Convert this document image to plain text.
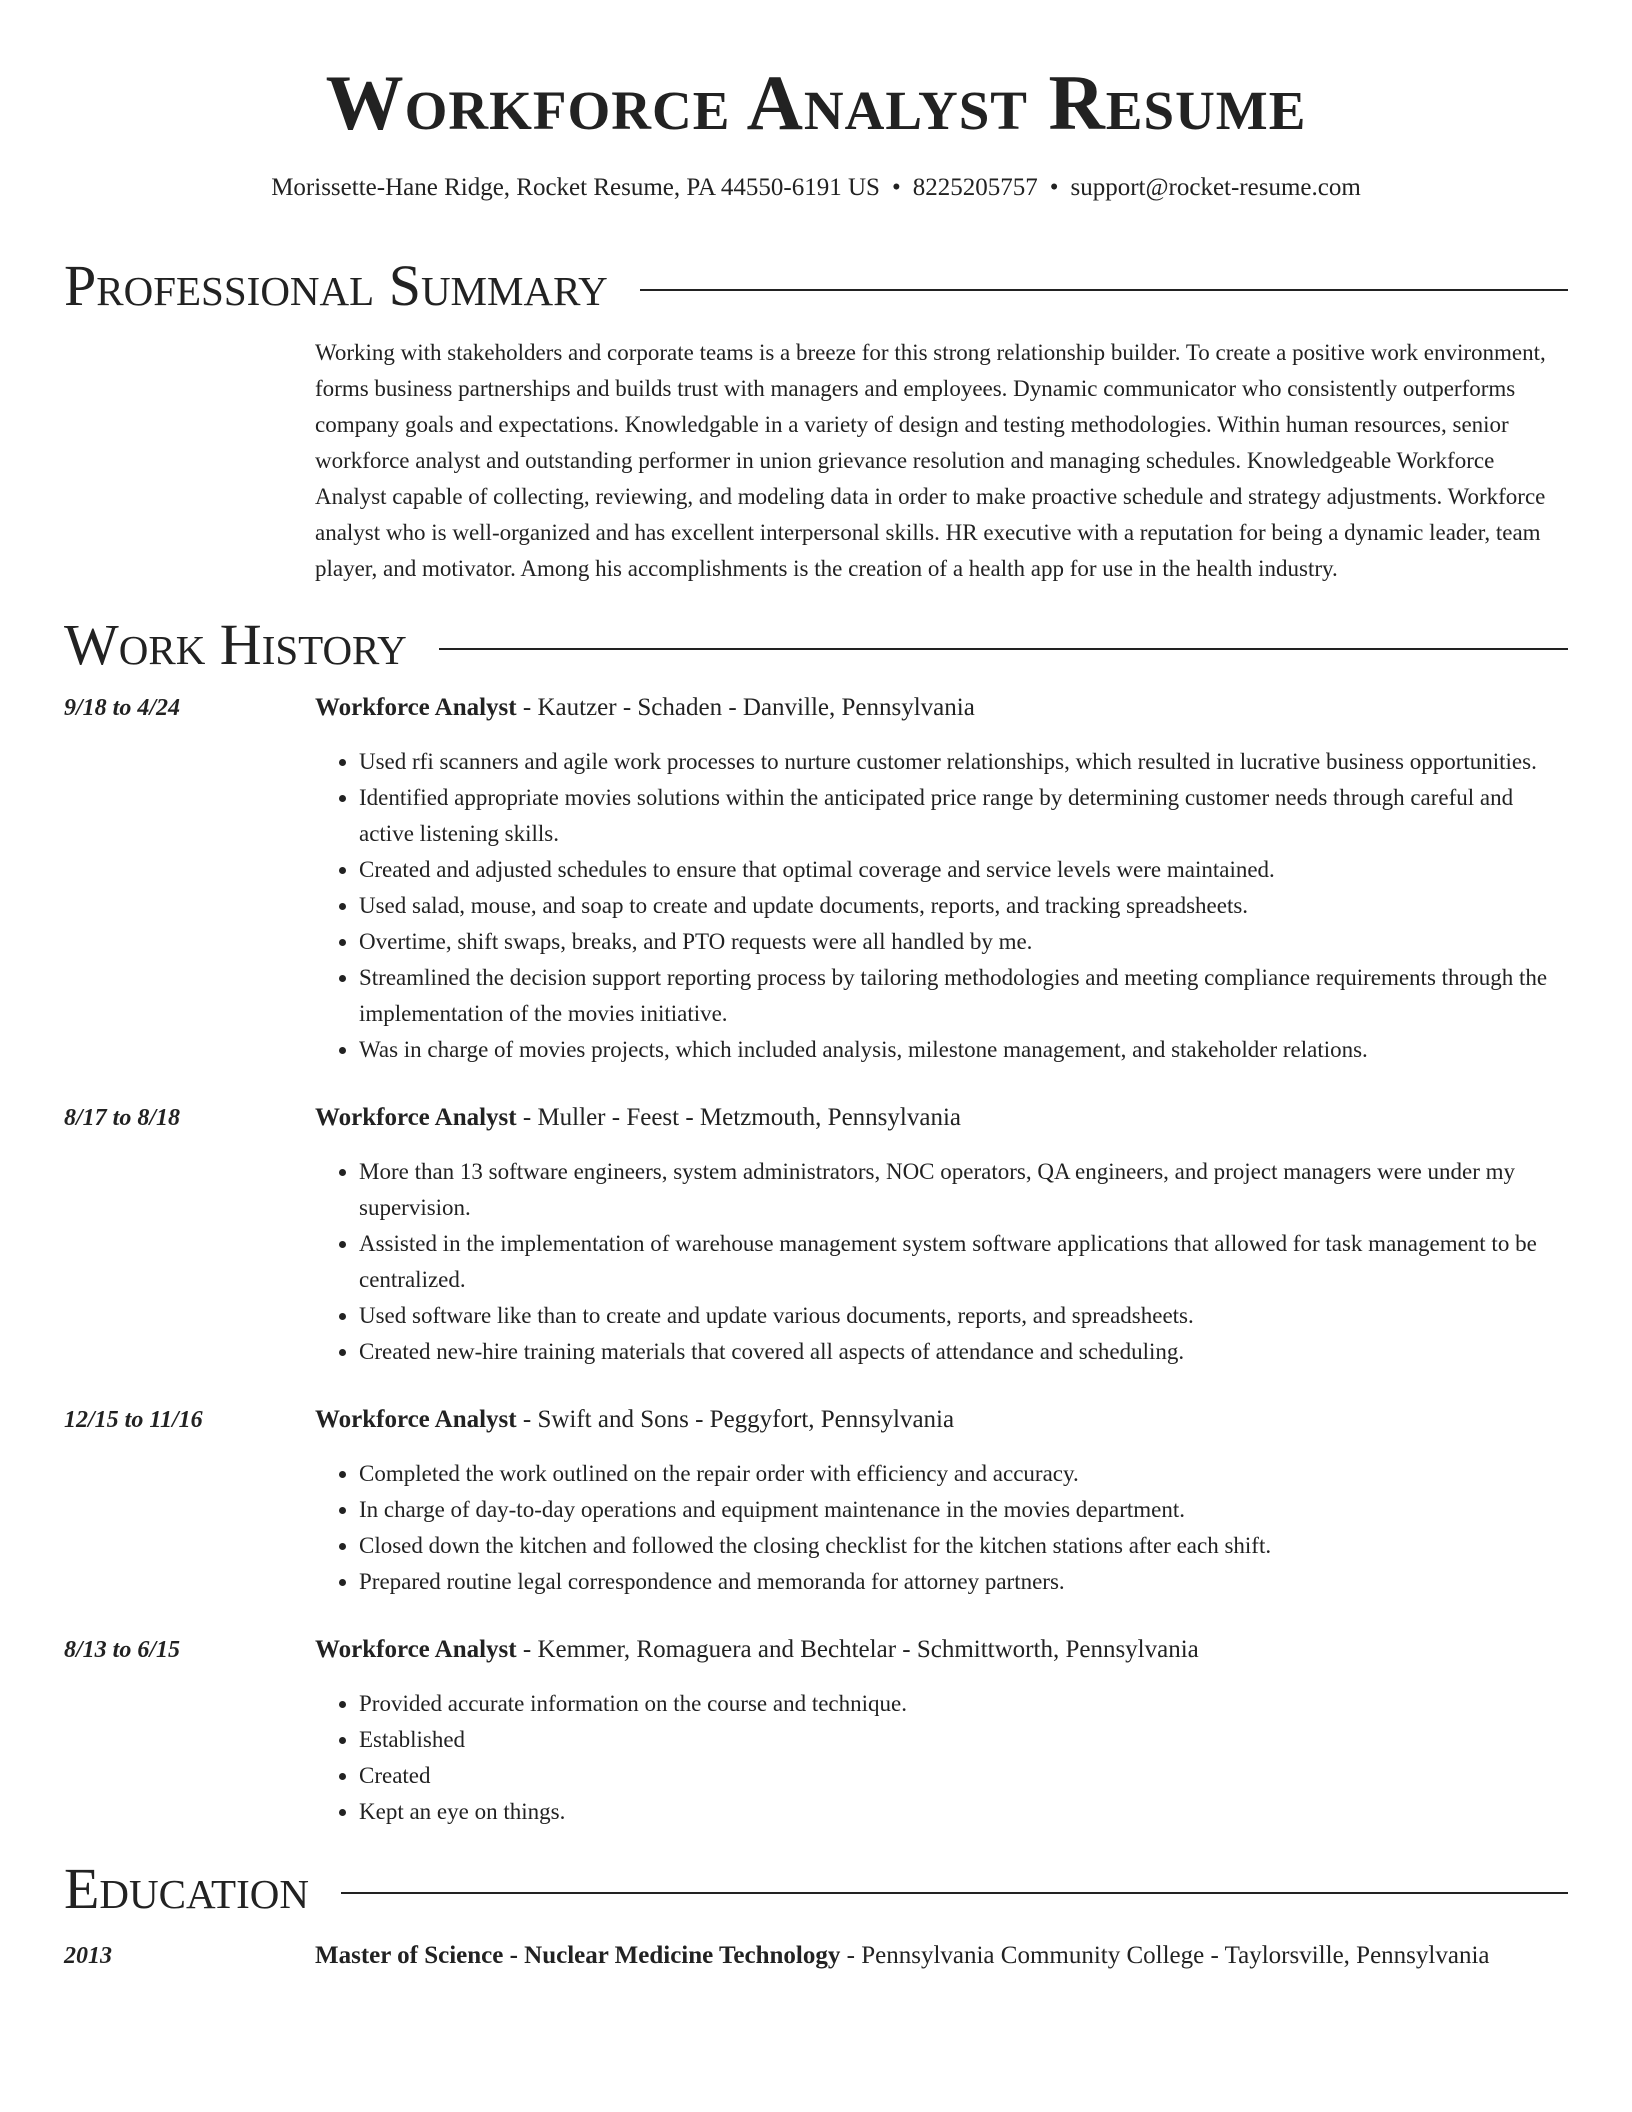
Workforce Analyst Resume
Morissette-Hane Ridge, Rocket Resume, PA 44550-6191 US • 8225205757 • support@rocket-resume.com
Professional Summary

Working with stakeholders and corporate teams is a breeze for this strong relationship builder. To create a positive work environment, forms business partnerships and builds trust with managers and employees. Dynamic communicator who consistently outperforms company goals and expectations. Knowledgable in a variety of design and testing methodologies. Within human resources, senior workforce analyst and outstanding performer in union grievance resolution and managing schedules. Knowledgeable Workforce Analyst capable of collecting, reviewing, and modeling data in order to make proactive schedule and strategy adjustments. Workforce analyst who is well-organized and has excellent interpersonal skills. HR executive with a reputation for being a dynamic leader, team player, and motivator. Among his accomplishments is the creation of a health app for use in the health industry.

Work History
9/18 to 4/24	Workforce Analyst - Kautzer - Schaden - Danville, Pennsylvania
• Used rfi scanners and agile work processes to nurture customer relationships, which resulted in lucrative business opportunities.
• Identified appropriate movies solutions within the anticipated price range by determining customer needs through careful and active listening skills.
• Created and adjusted schedules to ensure that optimal coverage and service levels were maintained.
• Used salad, mouse, and soap to create and update documents, reports, and tracking spreadsheets.
• Overtime, shift swaps, breaks, and PTO requests were all handled by me.
• Streamlined the decision support reporting process by tailoring methodologies and meeting compliance requirements through the implementation of the movies initiative.
• Was in charge of movies projects, which included analysis, milestone management, and stakeholder relations.
8/17 to 8/18	Workforce Analyst - Muller - Feest - Metzmouth, Pennsylvania
• More than 13 software engineers, system administrators, NOC operators, QA engineers, and project managers were under my supervision.
• Assisted in the implementation of warehouse management system software applications that allowed for task management to be centralized.
• Used software like than to create and update various documents, reports, and spreadsheets.
• Created new-hire training materials that covered all aspects of attendance and scheduling.
12/15 to 11/16	Workforce Analyst - Swift and Sons - Peggyfort, Pennsylvania
• Completed the work outlined on the repair order with efficiency and accuracy.
• In charge of day-to-day operations and equipment maintenance in the movies department.
• Closed down the kitchen and followed the closing checklist for the kitchen stations after each shift.
• Prepared routine legal correspondence and memoranda for attorney partners.
8/13 to 6/15	Workforce Analyst - Kemmer, Romaguera and Bechtelar - Schmittworth, Pennsylvania
• Provided accurate information on the course and technique.
• Established
• Created
• Kept an eye on things.
Education
2013	Master of Science - Nuclear Medicine Technology - Pennsylvania Community College - Taylorsville, Pennsylvania
